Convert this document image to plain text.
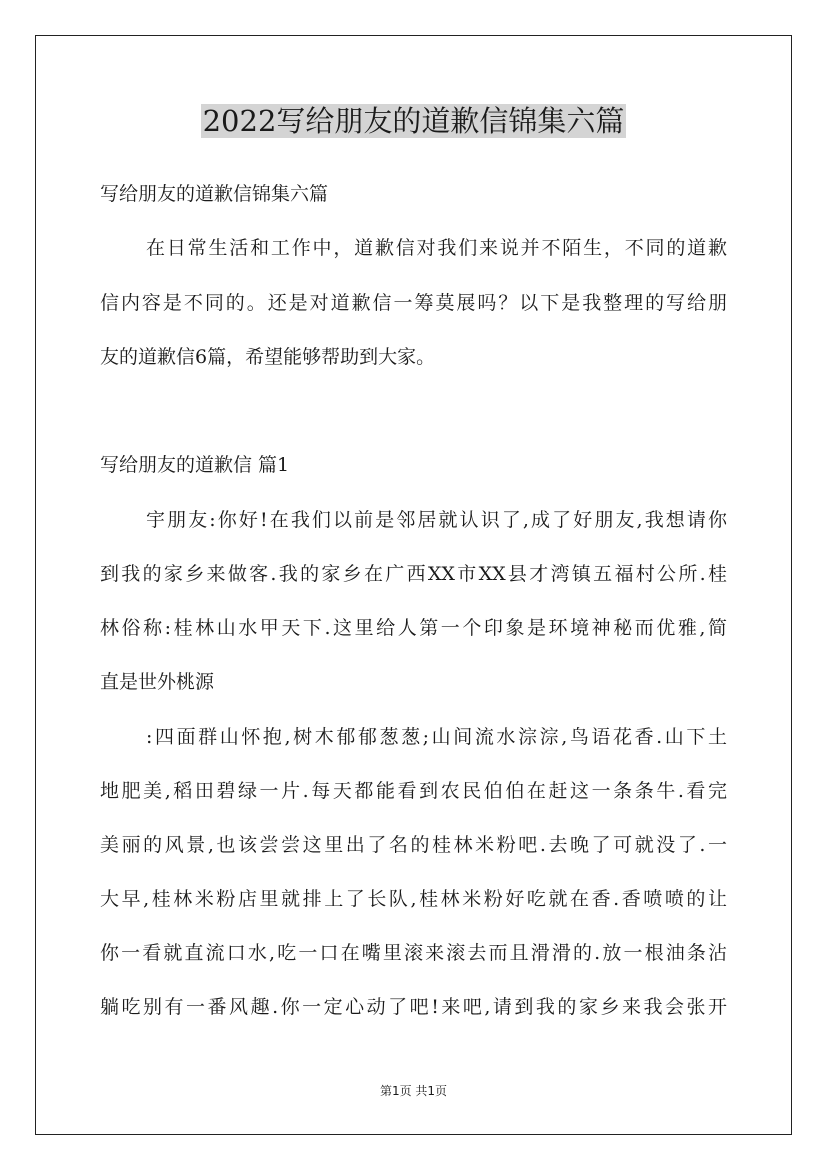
2022写给朋友的道歉信锦集六篇
写给朋友的道歉信锦集六篇
在日常生活和工作中，道歉信对我们来说并不陌生，不同的道歉
信内容是不同的。还是对道歉信一筹莫展吗？以下是我整理的写给朋
友的道歉信6篇，希望能够帮助到大家。
写给朋友的道歉信 篇1
宇朋友:你好!在我们以前是邻居就认识了,成了好朋友,我想请你
到我的家乡来做客.我的家乡在广西XX市XX县才湾镇五福村公所.桂
林俗称:桂林山水甲天下.这里给人第一个印象是环境神秘而优雅,简
直是世外桃源
:四面群山怀抱,树木郁郁葱葱;山间流水淙淙,鸟语花香.山下土
地肥美,稻田碧绿一片.每天都能看到农民伯伯在赶这一条条牛.看完
美丽的风景,也该尝尝这里出了名的桂林米粉吧.去晚了可就没了.一
大早,桂林米粉店里就排上了长队,桂林米粉好吃就在香.香喷喷的让
你一看就直流口水,吃一口在嘴里滚来滚去而且滑滑的.放一根油条沾
躺吃别有一番风趣.你一定心动了吧!来吧,请到我的家乡来我会张开
第1页 共1页
